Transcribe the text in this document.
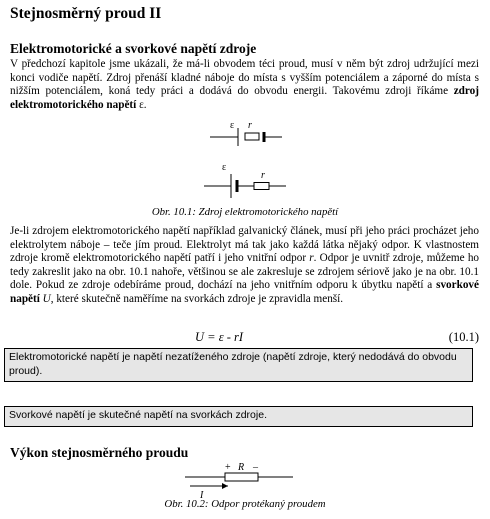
Stejnosměrný proud II
Elektromotorické a svorkové napětí zdroje
V předchozí kapitole jsme ukázali, že má-li obvodem téci proud, musí v něm být zdroj udržující mezi konci vodiče napětí. Zdroj přenáší kladné náboje do místa s vyšším potenciálem a záporné do místa s nižším potenciálem, koná tedy práci a dodává do obvodu energii. Takovému zdroji říkáme zdroj elektromotorického napětí ε.
ε r
ε
r
Obr. 10.1: Zdroj elektromotorického napětí
Je-li zdrojem elektromotorického napětí například galvanický článek, musí při jeho práci procházet jeho elektrolytem náboje – teče jím proud. Elektrolyt má tak jako každá látka nějaký odpor. K vlastnostem zdroje kromě elektromotorického napětí patří i jeho vnitřní odpor r. Odpor je uvnitř zdroje, můžeme ho tedy zakreslit jako na obr. 10.1 nahoře, většinou se ale zakresluje se zdrojem sériově jako je na obr. 10.1 dole. Pokud ze zdroje odebíráme proud, dochází na jeho vnitřním odporu k úbytku napětí a svorkové napětí U, které skutečně naměříme na svorkách zdroje je zpravidla menší.
U = ε - rI	(10.1)
Elektromotorické napětí je napětí nezatíženého zdroje (napětí zdroje, který nedodává do obvodu proud).
Svorkové napětí je skutečné napětí na svorkách zdroje.
Výkon stejnosměrného proudu
+ R –
I
Obr. 10.2: Odpor protékaný proudem
